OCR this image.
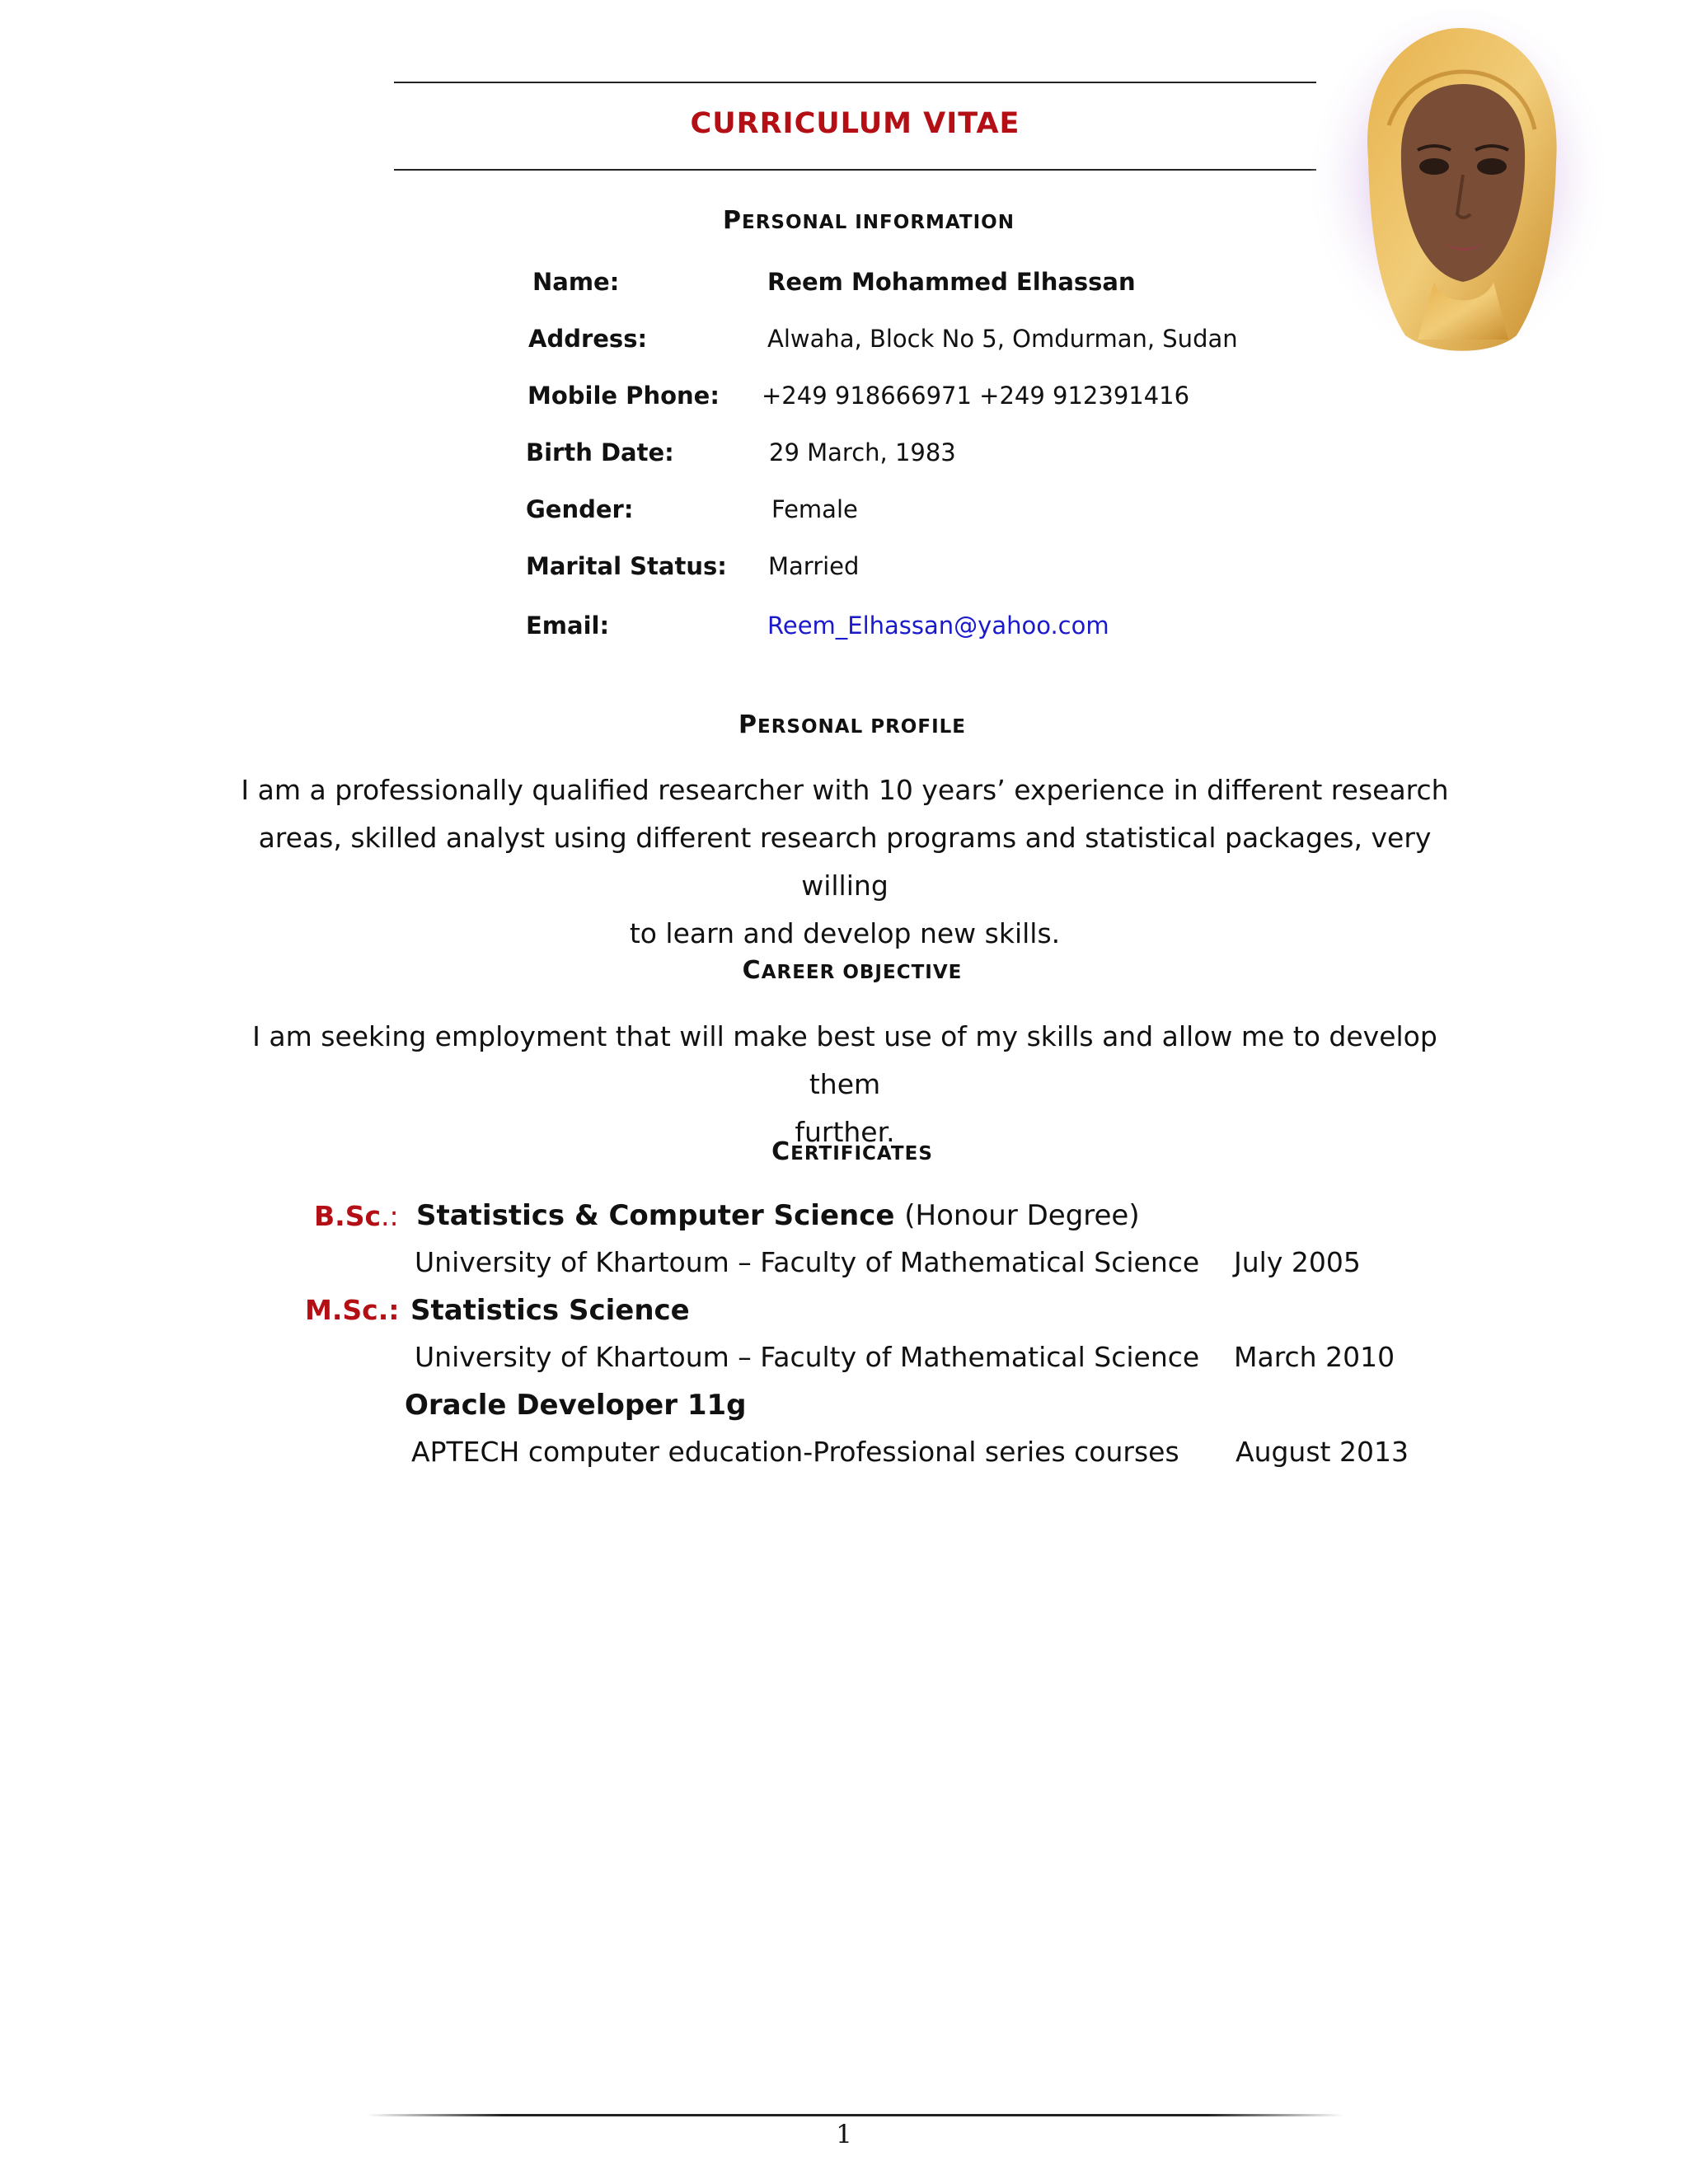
CURRICULUM VITAE
PERSONAL INFORMATION
Name:	Reem Mohammed Elhassan
Address:	Alwaha, Block No 5, Omdurman, Sudan
Mobile Phone: +249 918666971 +249 912391416
Birth Date:	29 March, 1983
Gender:	Female
Marital Status: Married
Email:	Reem_Elhassan@yahoo.com
PERSONAL PROFILE
I am a professionally qualified researcher with 10 years’ experience in different research
areas, skilled analyst using different research programs and statistical packages, very willing
to learn and develop new skills.
CAREER OBJECTIVE
I am seeking employment that will make best use of my skills and allow me to develop them
further.
CERTIFICATES
B.Sc.: Statistics & Computer Science (Honour Degree)
University of Khartoum – Faculty of Mathematical Science July 2005
M.Sc.: Statistics Science
University of Khartoum – Faculty of Mathematical Science March 2010
Oracle Developer 11g
APTECH computer education-Professional series courses August 2013
1
